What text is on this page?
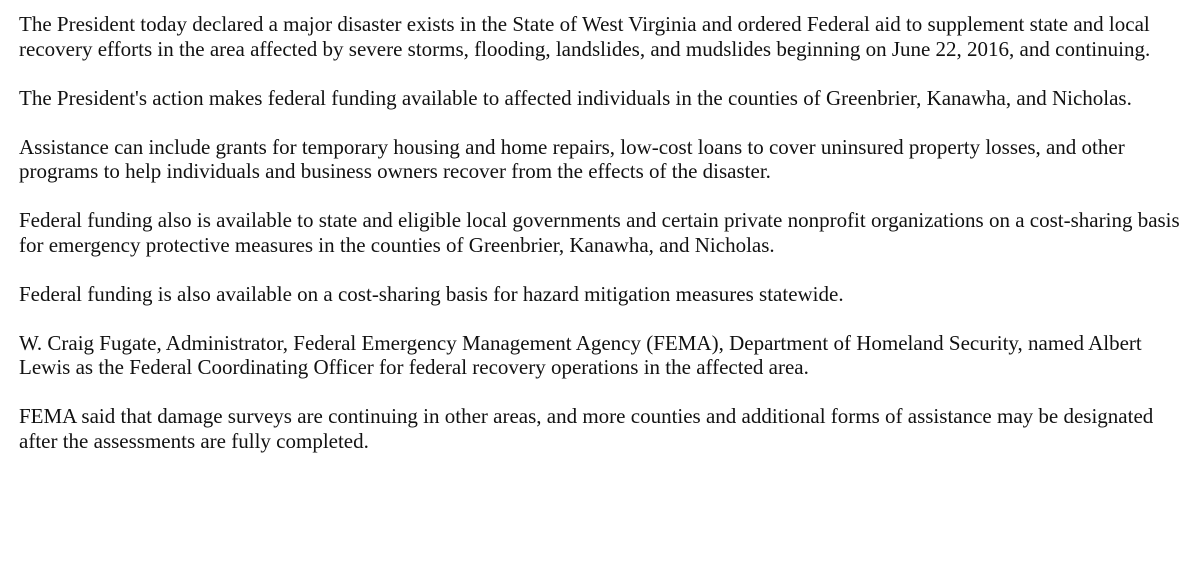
The President today declared a major disaster exists in the State of West Virginia and ordered Federal aid to supplement state and local recovery efforts in the area affected by severe storms, flooding, landslides, and mudslides beginning on June 22, 2016, and continuing.

The President's action makes federal funding available to affected individuals in the counties of Greenbrier, Kanawha, and Nicholas.

Assistance can include grants for temporary housing and home repairs, low-cost loans to cover uninsured property losses, and other programs to help individuals and business owners recover from the effects of the disaster.

Federal funding also is available to state and eligible local governments and certain private nonprofit organizations on a cost-sharing basis for emergency protective measures in the counties of Greenbrier, Kanawha, and Nicholas.

Federal funding is also available on a cost-sharing basis for hazard mitigation measures statewide.

W. Craig Fugate, Administrator, Federal Emergency Management Agency (FEMA), Department of Homeland Security, named Albert Lewis as the Federal Coordinating Officer for federal recovery operations in the affected area.

FEMA said that damage surveys are continuing in other areas, and more counties and additional forms of assistance may be designated after the assessments are fully completed.
